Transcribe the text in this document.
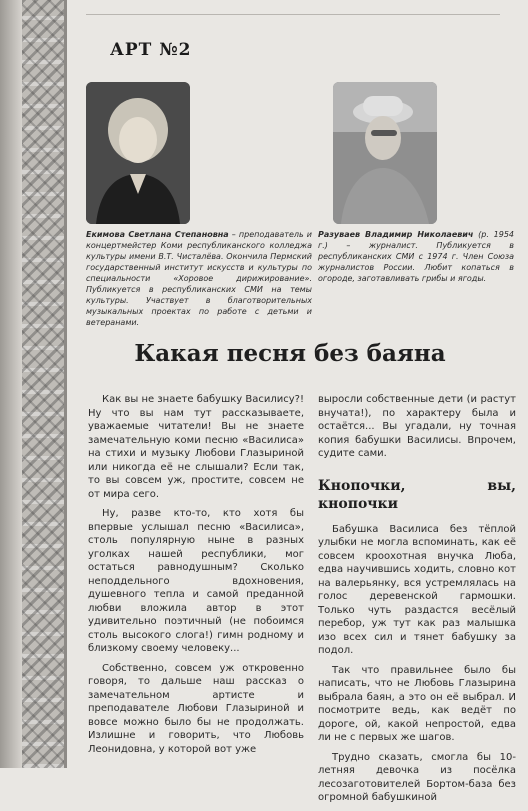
АРТ №2

Екимова Светлана Степановна – преподаватель и концертмейстер Коми республиканского колледжа культуры имени В.Т. Чисталёва. Окончила Пермский государственный институт искусств и культуры по специальности «Хоровое дирижирование». Публикуется в республиканских СМИ на темы культуры. Участвует в благотворительных музыкальных проектах по работе с детьми и ветеранами.

Разуваев Владимир Николаевич (р. 1954 г.) – журналист. Публикуется в республиканских СМИ с 1974 г. Член Союза журналистов России. Любит копаться в огороде, заготавливать грибы и ягоды.

Какая песня без баяна

Как вы не знаете бабушку Василису?! Ну что вы нам тут рассказываете, уважаемые читатели! Вы не знаете замечательную коми песню «Василиса» на стихи и музыку Любови Глазыриной или никогда её не слышали? Если так, то вы совсем уж, простите, совсем не от мира сего.

Ну, разве кто-то, кто хотя бы впервые услышал песню «Василиса», столь популярную ныне в разных уголках нашей республики, мог остаться равнодушным? Сколько неподдельного вдохновения, душевного тепла и самой преданной любви вложила автор в этот удивительно поэтичный (не побоимся столь высокого слога!) гимн родному и близкому своему человеку...

Собственно, совсем уж откровенно говоря, то дальше наш рассказ о замечательном артисте и преподавателе Любови Глазыриной и вовсе можно было бы не продолжать. Излишне и говорить, что Любовь Леонидовна, у которой вот уже

выросли собственные дети (и растут внучата!), по характеру была и остаётся... Вы угадали, ну точная копия бабушки Василисы. Впрочем, судите сами.

Кнопочки, вы, кнопочки

Бабушка Василиса без тёплой улыбки не могла вспоминать, как её совсем кроохотная внучка Люба, едва научившись ходить, словно кот на валерьянку, вся устремлялась на голос деревенской гармошки. Только чуть раздастся весёлый перебор, уж тут как раз малышка изо всех сил и тянет бабушку за подол.

Так что правильнее было бы написать, что не Любовь Глазырина выбрала баян, а это он её выбрал. И посмотрите ведь, как ведёт по дороге, ой, какой непростой, едва ли не с первых же шагов.

Трудно сказать, смогла бы 10-летняя девочка из посёлка лесозаготовителей Бортом-база без огромной бабушкиной
